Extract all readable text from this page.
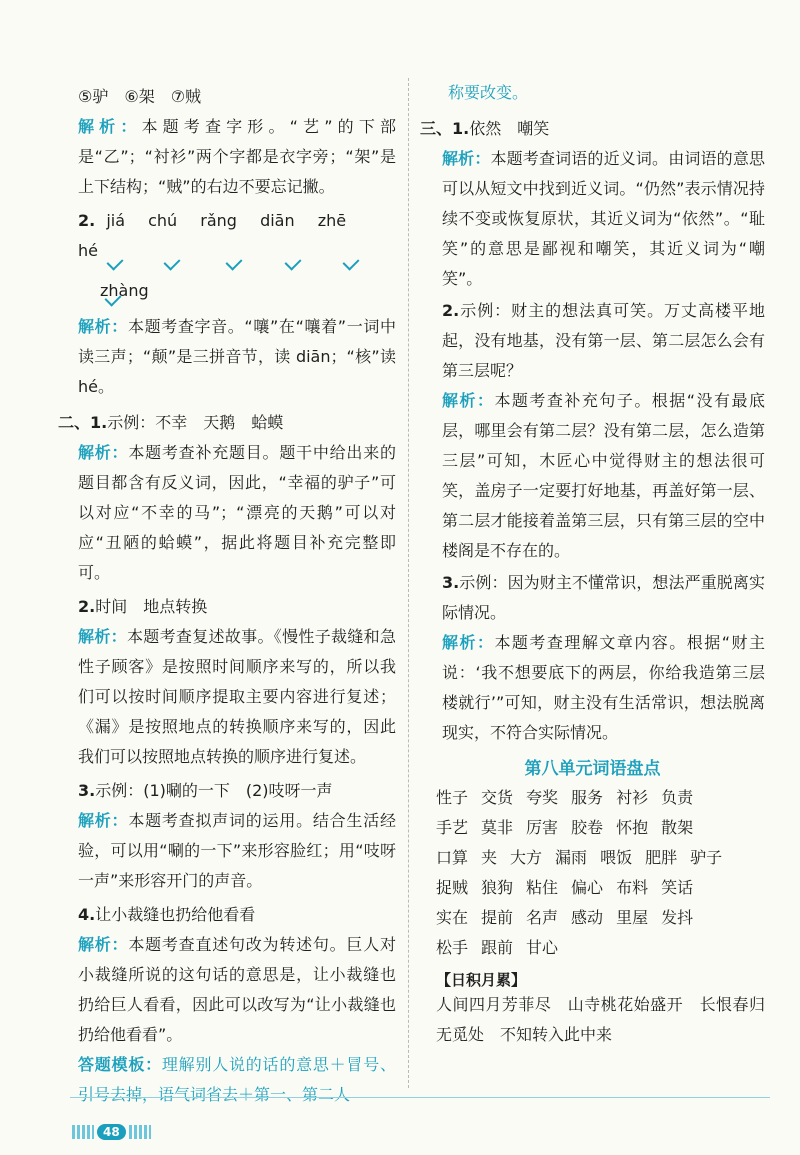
⑤驴　⑥架　⑦贼

解析：本题考查字形。“艺”的下部是“乙”；“衬衫”两个字都是衣字旁；“架”是上下结构；“贼”的右边不要忘记撇。

2. jiá chú rǎng diān zhē hé

zhàng

解析：本题考查字音。“嚷”在“嚷着”一词中读三声；“颠”是三拼音节，读 diān；“核”读 hé。

二、1.示例：不幸　天鹅　蛤蟆

解析：本题考查补充题目。题干中给出来的题目都含有反义词，因此，“幸福的驴子”可以对应“不幸的马”；“漂亮的天鹅”可以对应“丑陋的蛤蟆”，据此将题目补充完整即可。

2.时间　地点转换

解析：本题考查复述故事。《慢性子裁缝和急性子顾客》是按照时间顺序来写的，所以我们可以按时间顺序提取主要内容进行复述；《漏》是按照地点的转换顺序来写的，因此我们可以按照地点转换的顺序进行复述。

3.示例：(1)唰的一下　(2)吱呀一声

解析：本题考查拟声词的运用。结合生活经验，可以用“唰的一下”来形容脸红；用“吱呀一声”来形容开门的声音。

4.让小裁缝也扔给他看看

解析：本题考查直述句改为转述句。巨人对小裁缝所说的这句话的意思是，让小裁缝也扔给巨人看看，因此可以改写为“让小裁缝也扔给他看看”。

答题模板：理解别人说的话的意思＋冒号、引号去掉，语气词省去＋第一、第二人

称要改变。

三、1.依然　嘲笑

解析：本题考查词语的近义词。由词语的意思可以从短文中找到近义词。“仍然”表示情况持续不变或恢复原状，其近义词为“依然”。“耻笑”的意思是鄙视和嘲笑，其近义词为“嘲笑”。

2.示例：财主的想法真可笑。万丈高楼平地起，没有地基，没有第一层、第二层怎么会有第三层呢？

解析：本题考查补充句子。根据“没有最底层，哪里会有第二层？没有第二层，怎么造第三层”可知，木匠心中觉得财主的想法很可笑，盖房子一定要打好地基，再盖好第一层、第二层才能接着盖第三层，只有第三层的空中楼阁是不存在的。

3.示例：因为财主不懂常识，想法严重脱离实际情况。

解析：本题考查理解文章内容。根据“财主说：‘我不想要底下的两层，你给我造第三层楼就行’”可知，财主没有生活常识，想法脱离现实，不符合实际情况。

第八单元词语盘点

性子 交货 夸奖 服务 衬衫 负责

手艺 莫非 厉害 胶卷 怀抱 散架

口算 夹 大方 漏雨 喂饭 肥胖 驴子

捉贼 狼狗 粘住 偏心 布料 笑话

实在 提前 名声 感动 里屋 发抖

松手 跟前 甘心

【日积月累】

人间四月芳菲尽　山寺桃花始盛开　长恨春归无觅处　不知转入此中来

48
